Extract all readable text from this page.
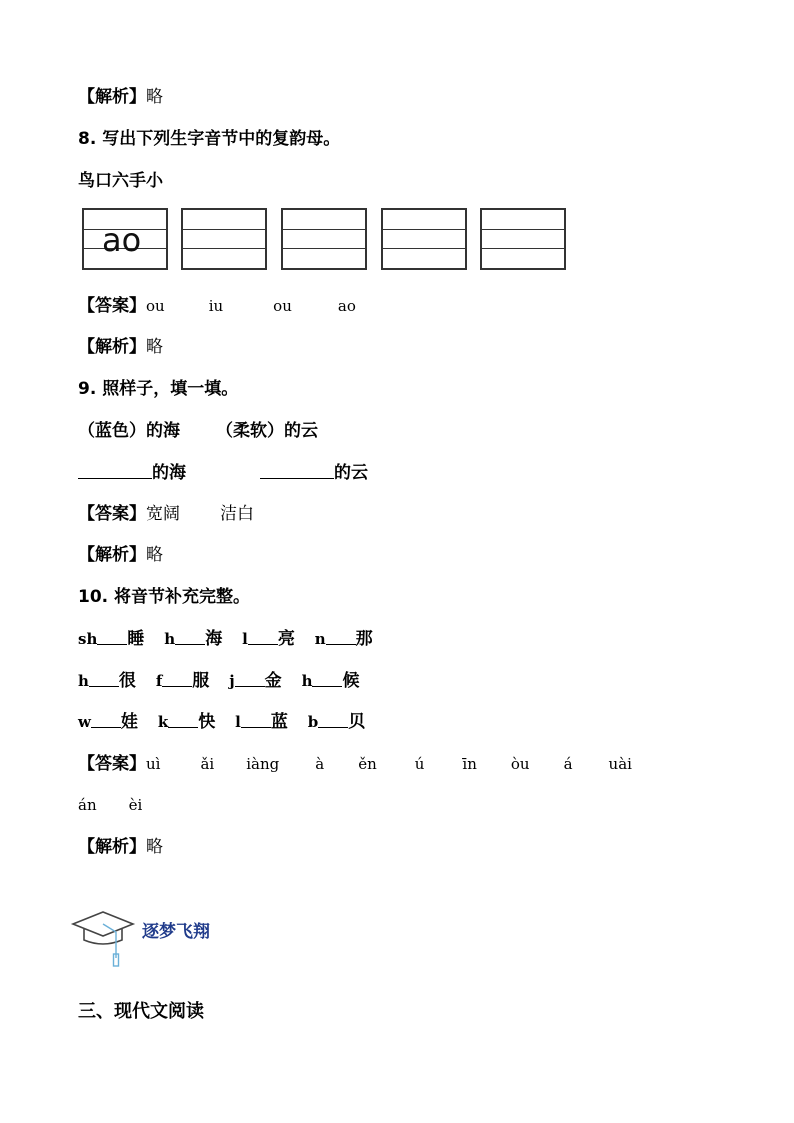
【解析】略
8. 写出下列生字音节中的复韵母。
鸟口六手小
ao
【答案】ou	iu	ou	ao
【解析】略
9. 照样子，填一填。
（蓝色）的海 （柔软）的云
的海	的云
【答案】宽阔 洁白
【解析】略
10. 将音节补充完整。
sh 睡 h 海 l 亮 n 那
h 很 f 服 j 金 h 候
w 娃 k 快 l 蓝 b 贝
【答案】uì	ǎi iàng à ěn	ú	īn òu á uài
án èi
【解析】略
逐梦飞翔
三、现代文阅读
